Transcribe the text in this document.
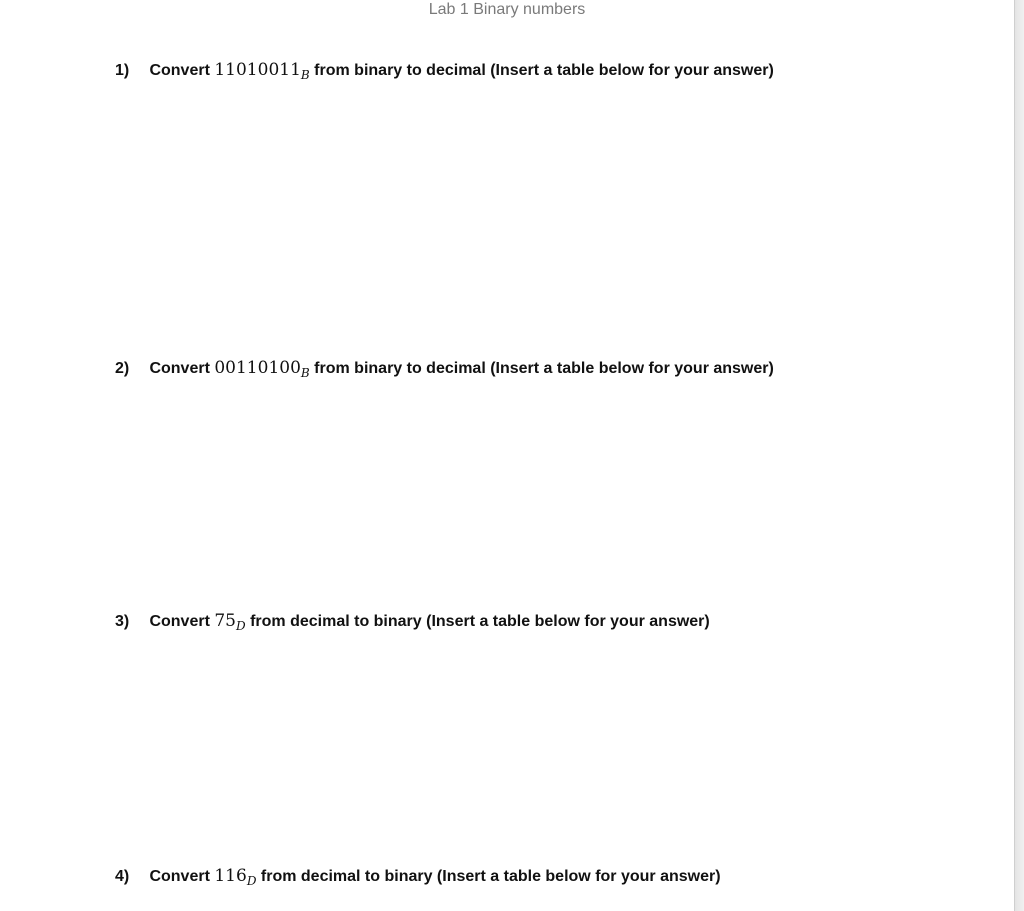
Lab 1 Binary numbers
1) Convert $11010011_B$ from binary to decimal (Insert a table below for your answer)
2) Convert $00110100_B$ from binary to decimal (Insert a table below for your answer)
3) Convert $75_D$ from decimal to binary (Insert a table below for your answer)
4) Convert $116_D$ from decimal to binary (Insert a table below for your answer)
